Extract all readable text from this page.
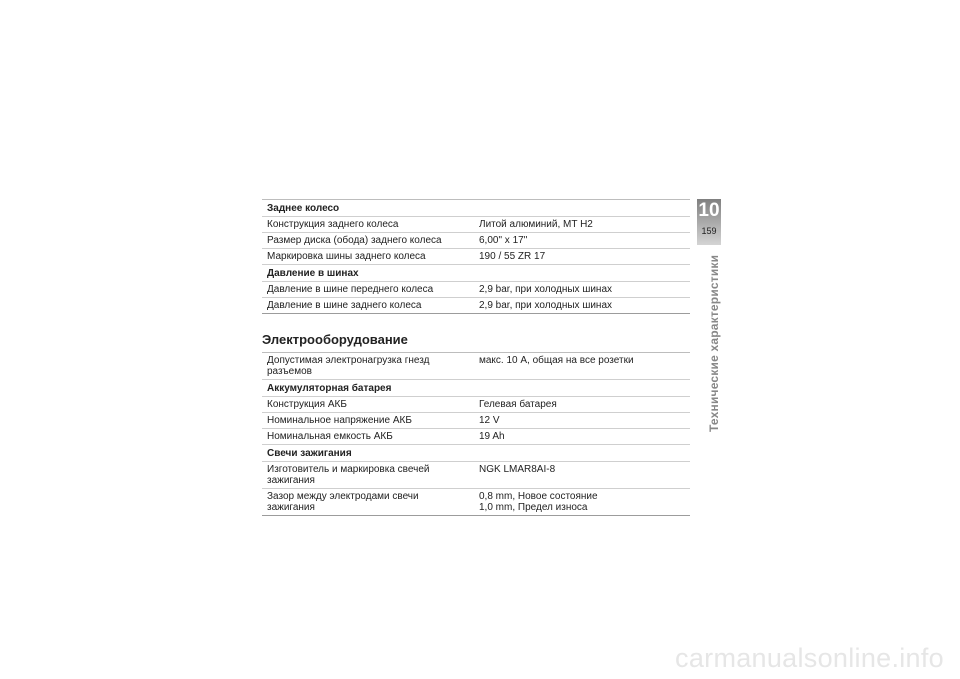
Заднее колесо	
Конструкция заднего колеса	Литой алюминий, MT H2
Размер диска (обода) заднего колеса	6,00" x 17"
Маркировка шины заднего колеса	190 / 55 ZR 17
Давление в шинах	
Давление в шине переднего колеса	2,9 bar, при холодных шинах
Давление в шине заднего колеса	2,9 bar, при холодных шинах
Электрооборудование
Допустимая электронагрузка гнезд разъемов	макс. 10 A, общая на все розетки
Аккумуляторная батарея	
Конструкция АКБ	Гелевая батарея
Номинальное напряжение АКБ	12 V
Номинальная емкость АКБ	19 Ah
Свечи зажигания	
Изготовитель и маркировка свечей зажигания	NGK LMAR8AI-8
Зазор между электродами свечи зажигания	0,8 mm, Новое состояние
1,0 mm, Предел износа
10
159
Технические характеристики
carmanualsonline.info
